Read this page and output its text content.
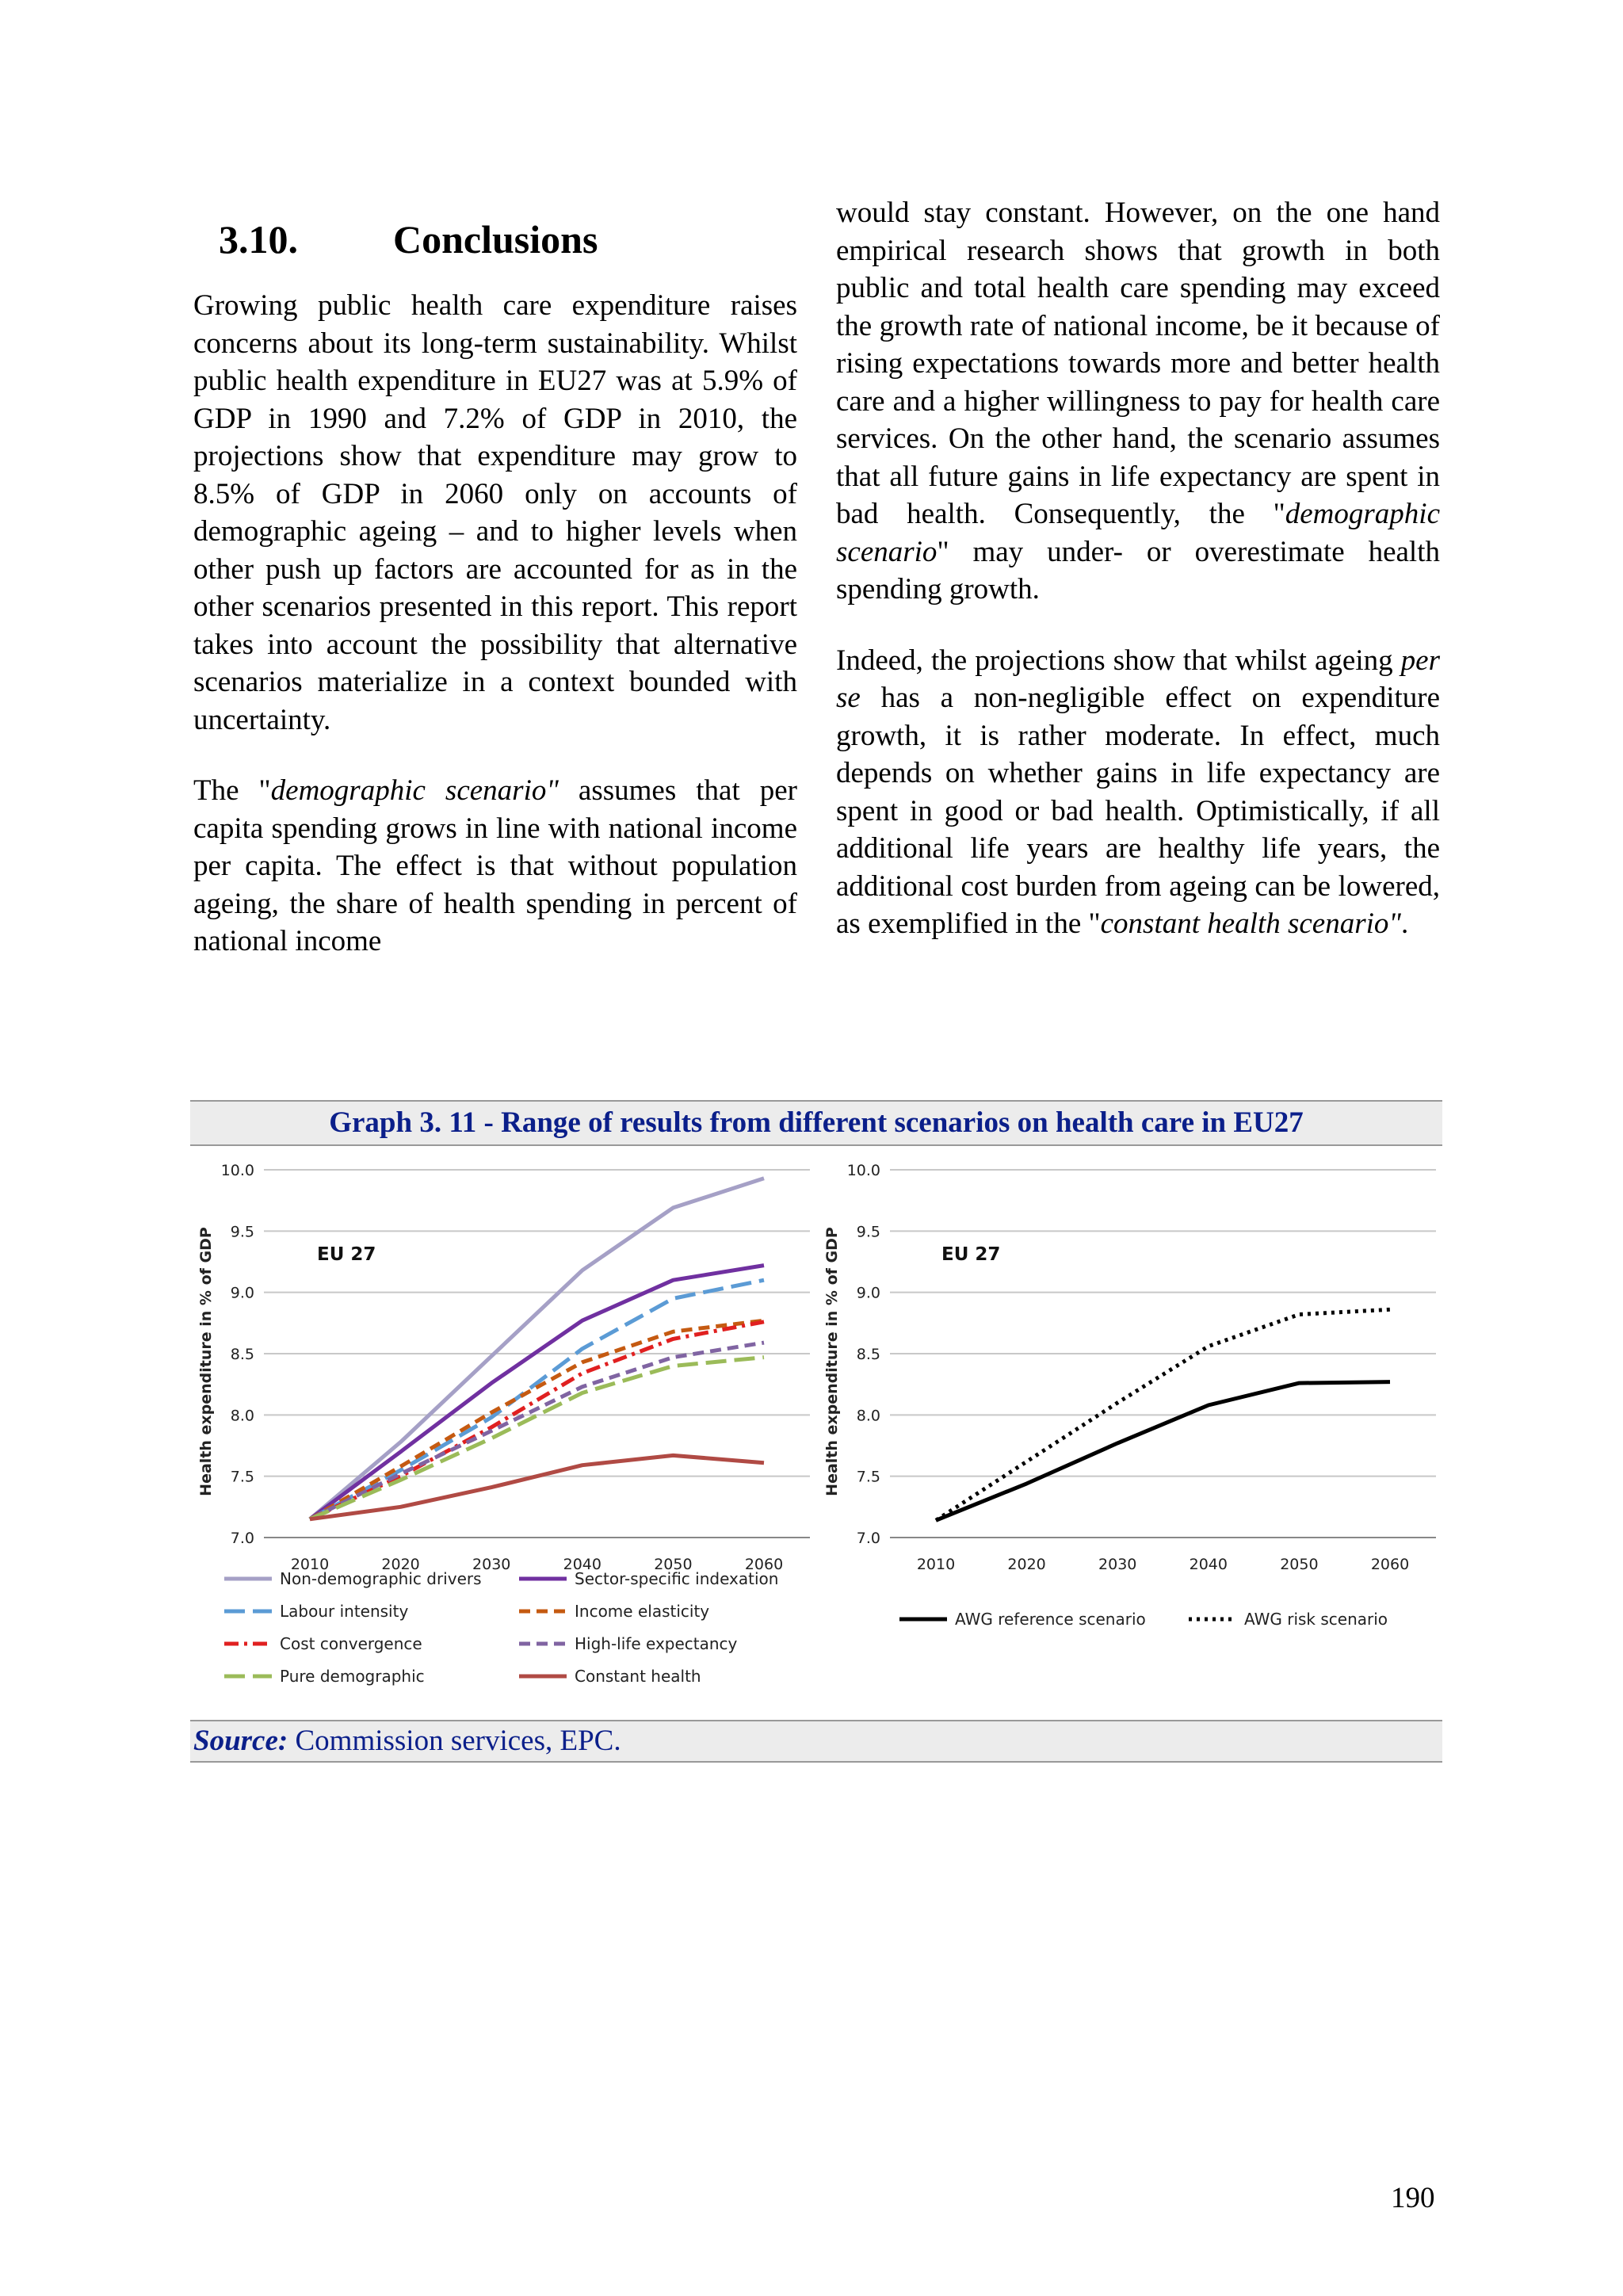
3.10. Conclusions

Growing public health care expenditure raises concerns about its long-term sustainability. Whilst public health expenditure in EU27 was at 5.9% of GDP in 1990 and 7.2% of GDP in 2010, the projections show that expenditure may grow to 8.5% of GDP in 2060 only on accounts of demographic ageing – and to higher levels when other push up factors are accounted for as in the other scenarios presented in this report. This report takes into account the possibility that alternative scenarios materialize in a context bounded with uncertainty.

The "demographic scenario" assumes that per capita spending grows in line with national income per capita. The effect is that without population ageing, the share of health spending in percent of national income

would stay constant. However, on the one hand empirical research shows that growth in both public and total health care spending may exceed the growth rate of national income, be it because of rising expectations towards more and better health care and a higher willingness to pay for health care services. On the other hand, the scenario assumes that all future gains in life expectancy are spent in bad health. Consequently, the "demographic scenario" may under- or overestimate health spending growth.

Indeed, the projections show that whilst ageing per se has a non-negligible effect on expenditure growth, it is rather moderate. In effect, much depends on whether gains in life expectancy are spent in good or bad health. Optimistically, if all additional life years are healthy life years, the additional cost burden from ageing can be lowered, as exemplified in the "constant health scenario".

Graph 3. 11 - Range of results from different scenarios on health care in EU27
7.0
7.5
8.0
8.5
9.0
9.5
10.0
2010	2020	2030	2040	2050	2060
Health expenditure in % of GDP	EU 27
Non-demographic drivers	Sector-specific indexation
Labour intensity	Income elasticity
Cost convergence	High-life expectancy
Pure demographic	Constant health
7.0
7.5
8.0
8.5
9.0
9.5
10.0
2010	2020	2030	2040	2050	2060
Health expenditure in % of GDP	EU 27
AWG reference scenario	AWG risk scenario
Source: Commission services, EPC.
190
